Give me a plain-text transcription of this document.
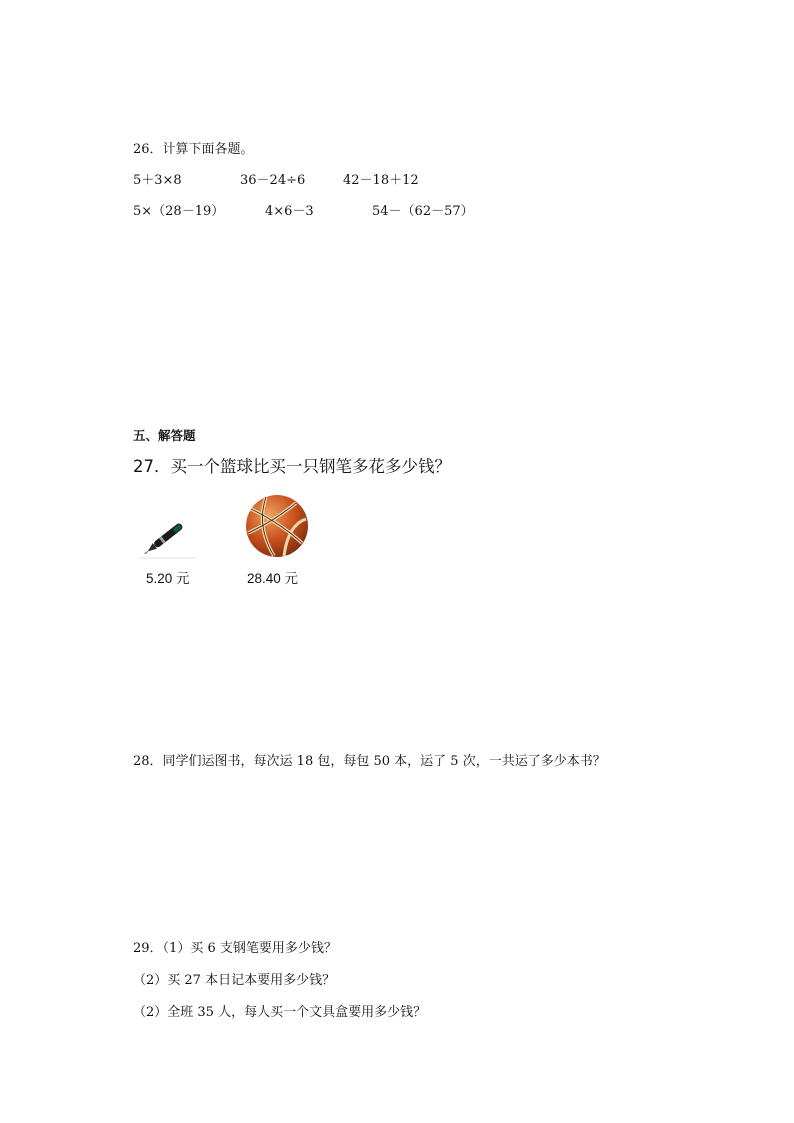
26．计算下面各题。
5＋3×8	36－24÷6	42－18＋12
5×（28－19）	4×6－3	54－（62－57）
五、解答题
27．买一个篮球比买一只钢笔多花多少钱？
5.20 元	28.40 元
28．同学们运图书，每次运 18 包，每包 50 本，运了 5 次，一共运了多少本书？
29．（1）买 6 支钢笔要用多少钱？
（2）买 27 本日记本要用多少钱？
（2）全班 35 人，每人买一个文具盒要用多少钱？
